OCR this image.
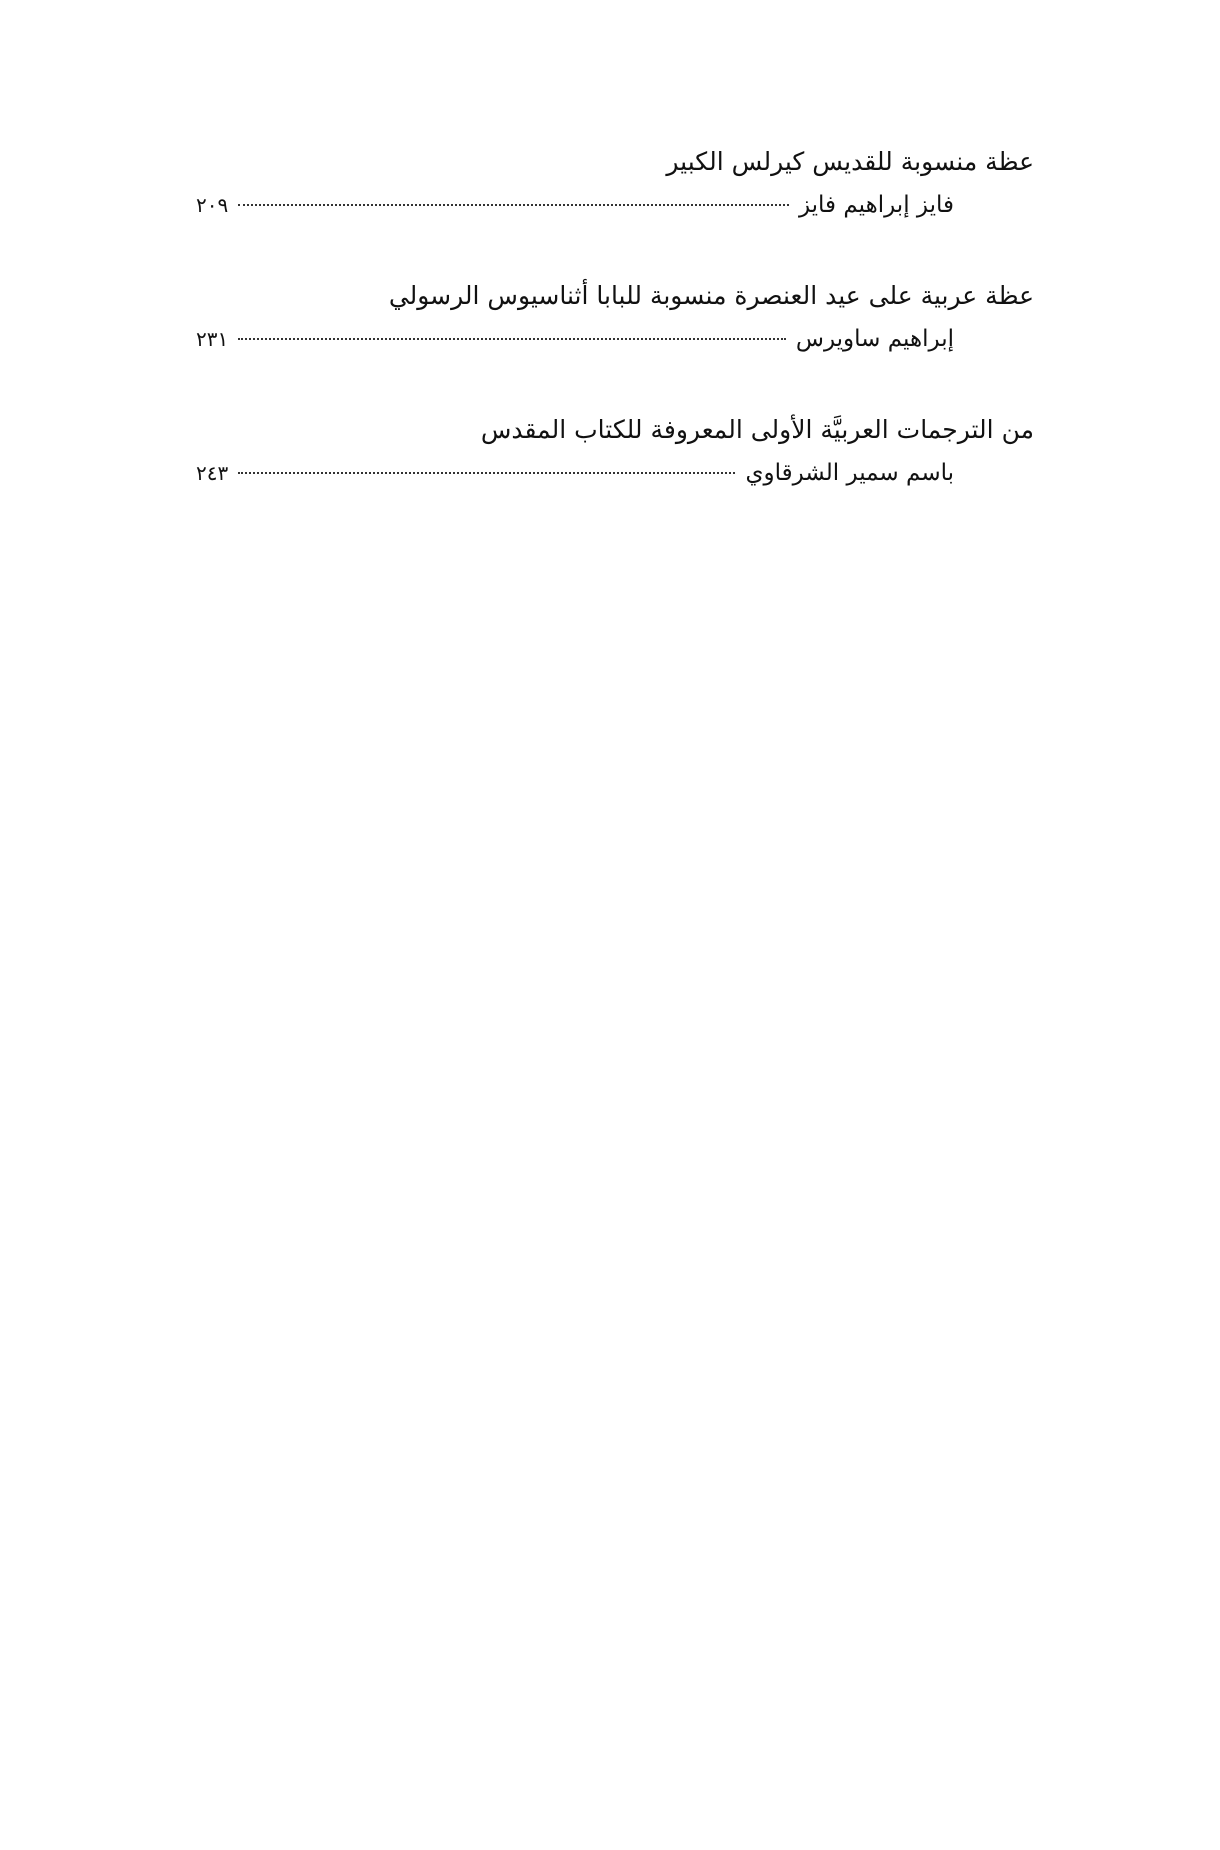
عظة منسوبة للقديس كيرلس الكبير
فايز إبراهيم فايز
٢٠٩
عظة عربية على عيد العنصرة منسوبة للبابا أثناسيوس الرسولي
إبراهيم ساويرس
٢٣١
من الترجمات العربيَّة الأولى المعروفة للكتاب المقدس
باسم سمير الشرقاوي
٢٤٣
